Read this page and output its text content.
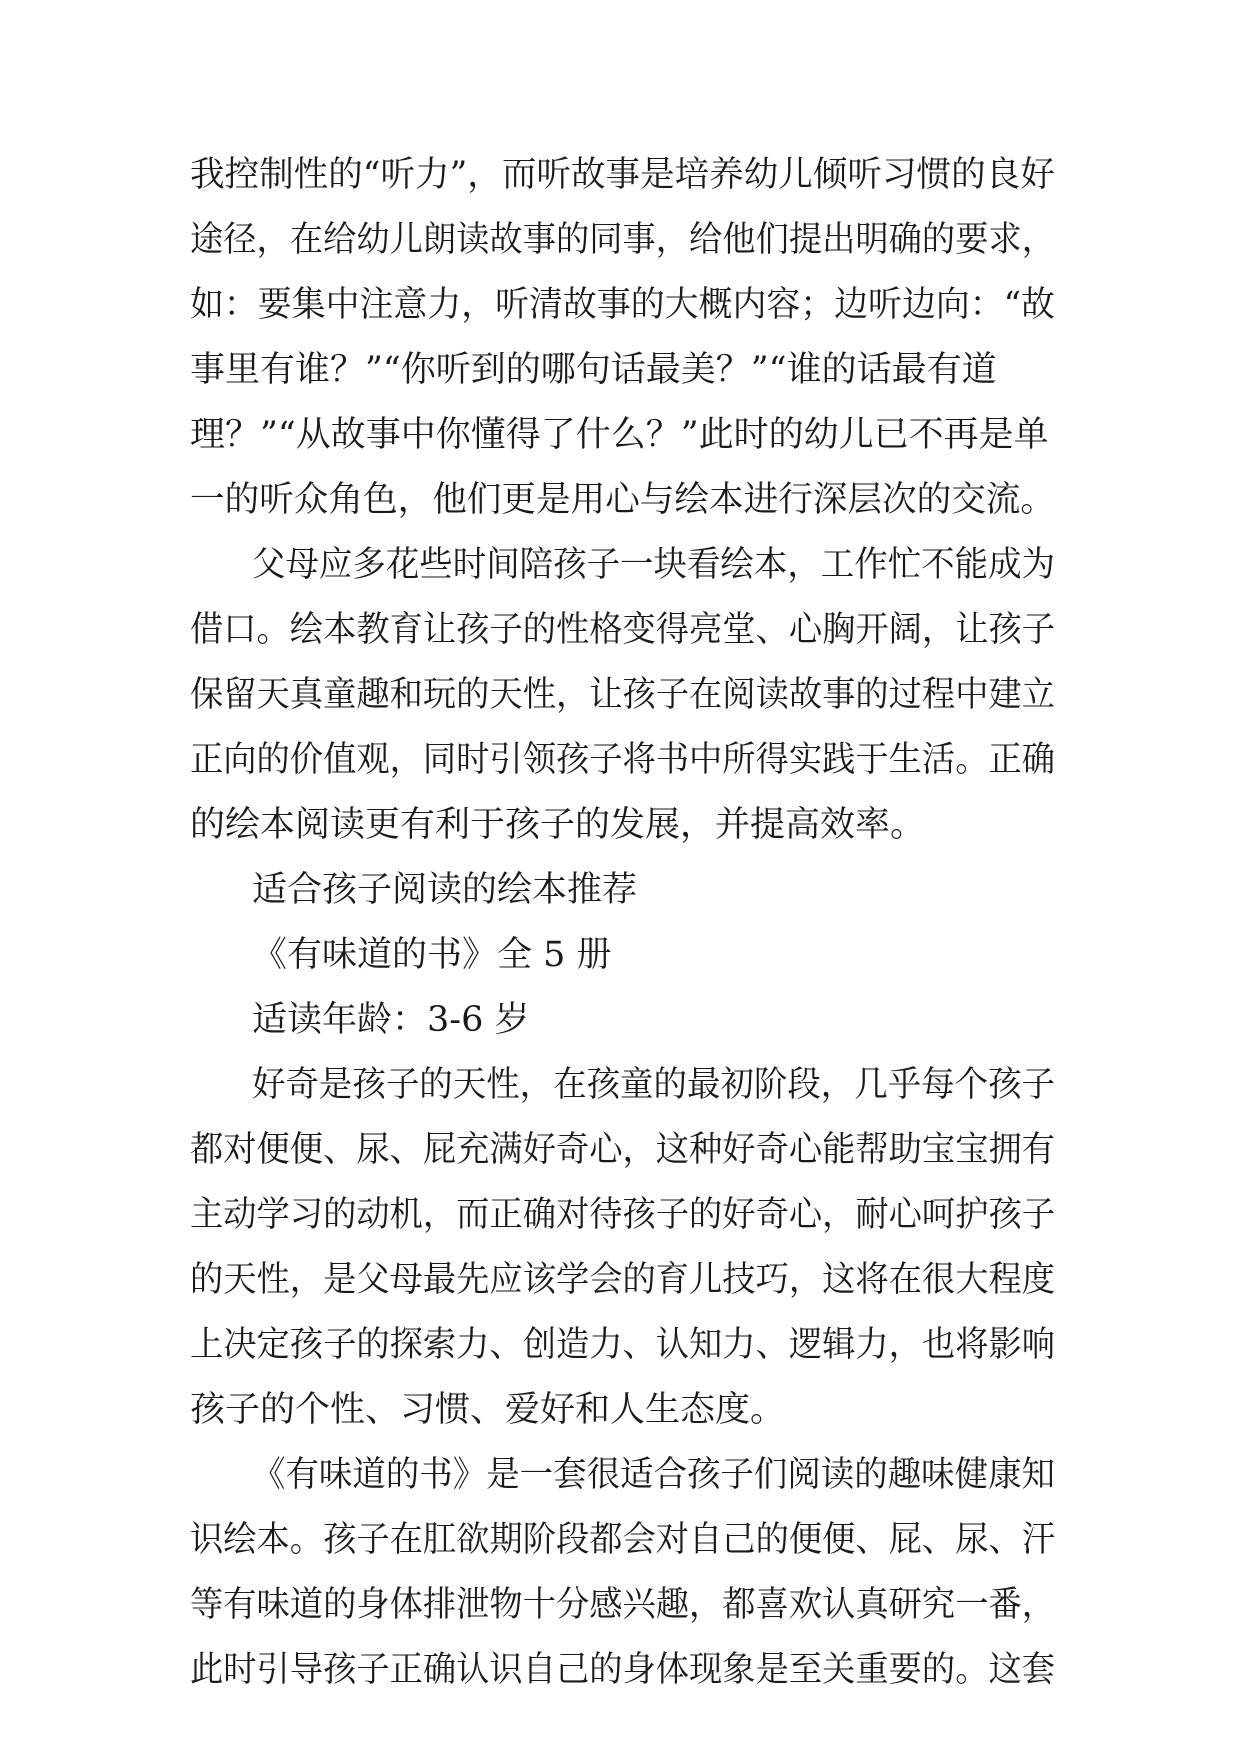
我控制性的“听力”，而听故事是培养幼儿倾听习惯的良好

途径，在给幼儿朗读故事的同事，给他们提出明确的要求，

如：要集中注意力，听清故事的大概内容；边听边向：“故

事里有谁？”“你听到的哪句话最美？”“谁的话最有道

理？”“从故事中你懂得了什么？”此时的幼儿已不再是单

一的听众角色，他们更是用心与绘本进行深层次的交流。

父母应多花些时间陪孩子一块看绘本，工作忙不能成为

借口。绘本教育让孩子的性格变得亮堂、心胸开阔，让孩子

保留天真童趣和玩的天性，让孩子在阅读故事的过程中建立

正向的价值观，同时引领孩子将书中所得实践于生活。正确

的绘本阅读更有利于孩子的发展，并提高效率。

适合孩子阅读的绘本推荐

《有味道的书》全 5 册

适读年龄：3-6 岁

好奇是孩子的天性，在孩童的最初阶段，几乎每个孩子

都对便便、尿、屁充满好奇心，这种好奇心能帮助宝宝拥有

主动学习的动机，而正确对待孩子的好奇心，耐心呵护孩子

的天性，是父母最先应该学会的育儿技巧，这将在很大程度

上决定孩子的探索力、创造力、认知力、逻辑力，也将影响

孩子的个性、习惯、爱好和人生态度。

《有味道的书》是一套很适合孩子们阅读的趣味健康知

识绘本。孩子在肛欲期阶段都会对自己的便便、屁、尿、汗

等有味道的身体排泄物十分感兴趣，都喜欢认真研究一番，

此时引导孩子正确认识自己的身体现象是至关重要的。这套
